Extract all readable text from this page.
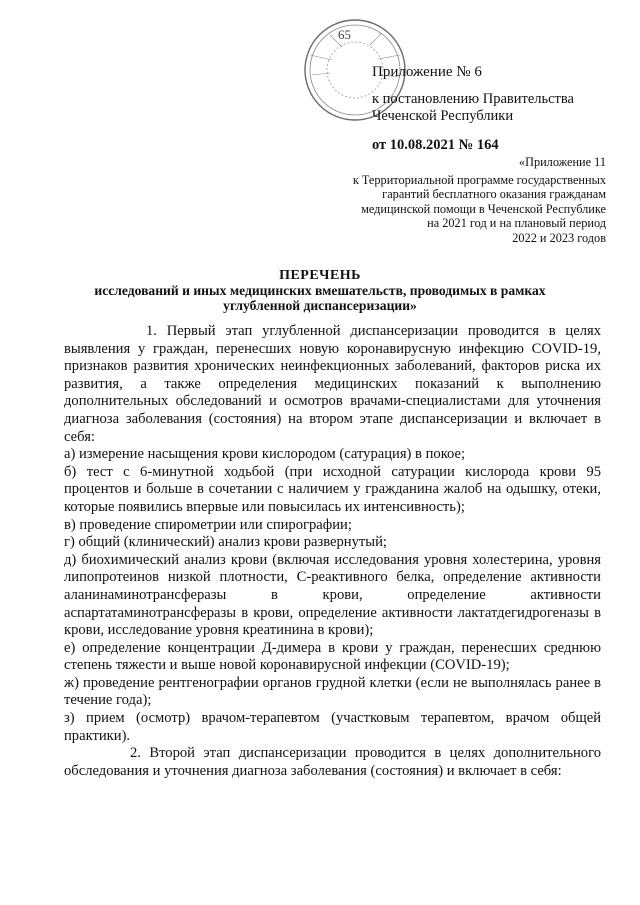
65
Приложение № 6
к постановлению Правительства
Чеченской Республики
от 10.08.2021 № 164
«Приложение 11
к Территориальной программе государственных
гарантий бесплатного оказания гражданам
медицинской помощи в Чеченской Республике
на 2021 год и на плановый период
2022 и 2023 годов
ПЕРЕЧЕНЬ
исследований и иных медицинских вмешательств, проводимых в рамках
углубленной диспансеризации»

1. Первый этап углубленной диспансеризации проводится в целях выявления у граждан, перенесших новую коронавирусную инфекцию COVID-19, признаков развития хронических неинфекционных заболеваний, факторов риска их развития, а также определения медицинских показаний к выполнению дополнительных обследований и осмотров врачами-специалистами для уточнения диагноза заболевания (состояния) на втором этапе диспансеризации и включает в себя:

а) измерение насыщения крови кислородом (сатурация) в покое;

б) тест с 6-минутной ходьбой (при исходной сатурации кислорода крови 95 процентов и больше в сочетании с наличием у гражданина жалоб на одышку, отеки, которые появились впервые или повысилась их интенсивность);

в) проведение спирометрии или спирографии;

г) общий (клинический) анализ крови развернутый;

д) биохимический анализ крови (включая исследования уровня холестерина, уровня липопротеинов низкой плотности, С-реактивного белка, определение активности аланинаминотрансферазы в крови, определение активности аспартатаминотрансферазы в крови, определение активности лактатдегидрогеназы в крови, исследование уровня креатинина в крови);

е) определение концентрации Д-димера в крови у граждан, перенесших среднюю степень тяжести и выше новой коронавирусной инфекции (COVID-19);

ж) проведение рентгенографии органов грудной клетки (если не выполнялась ранее в течение года);

з) прием (осмотр) врачом-терапевтом (участковым терапевтом, врачом общей практики).

2. Второй этап диспансеризации проводится в целях дополнительного обследования и уточнения диагноза заболевания (состояния) и включает в себя:
